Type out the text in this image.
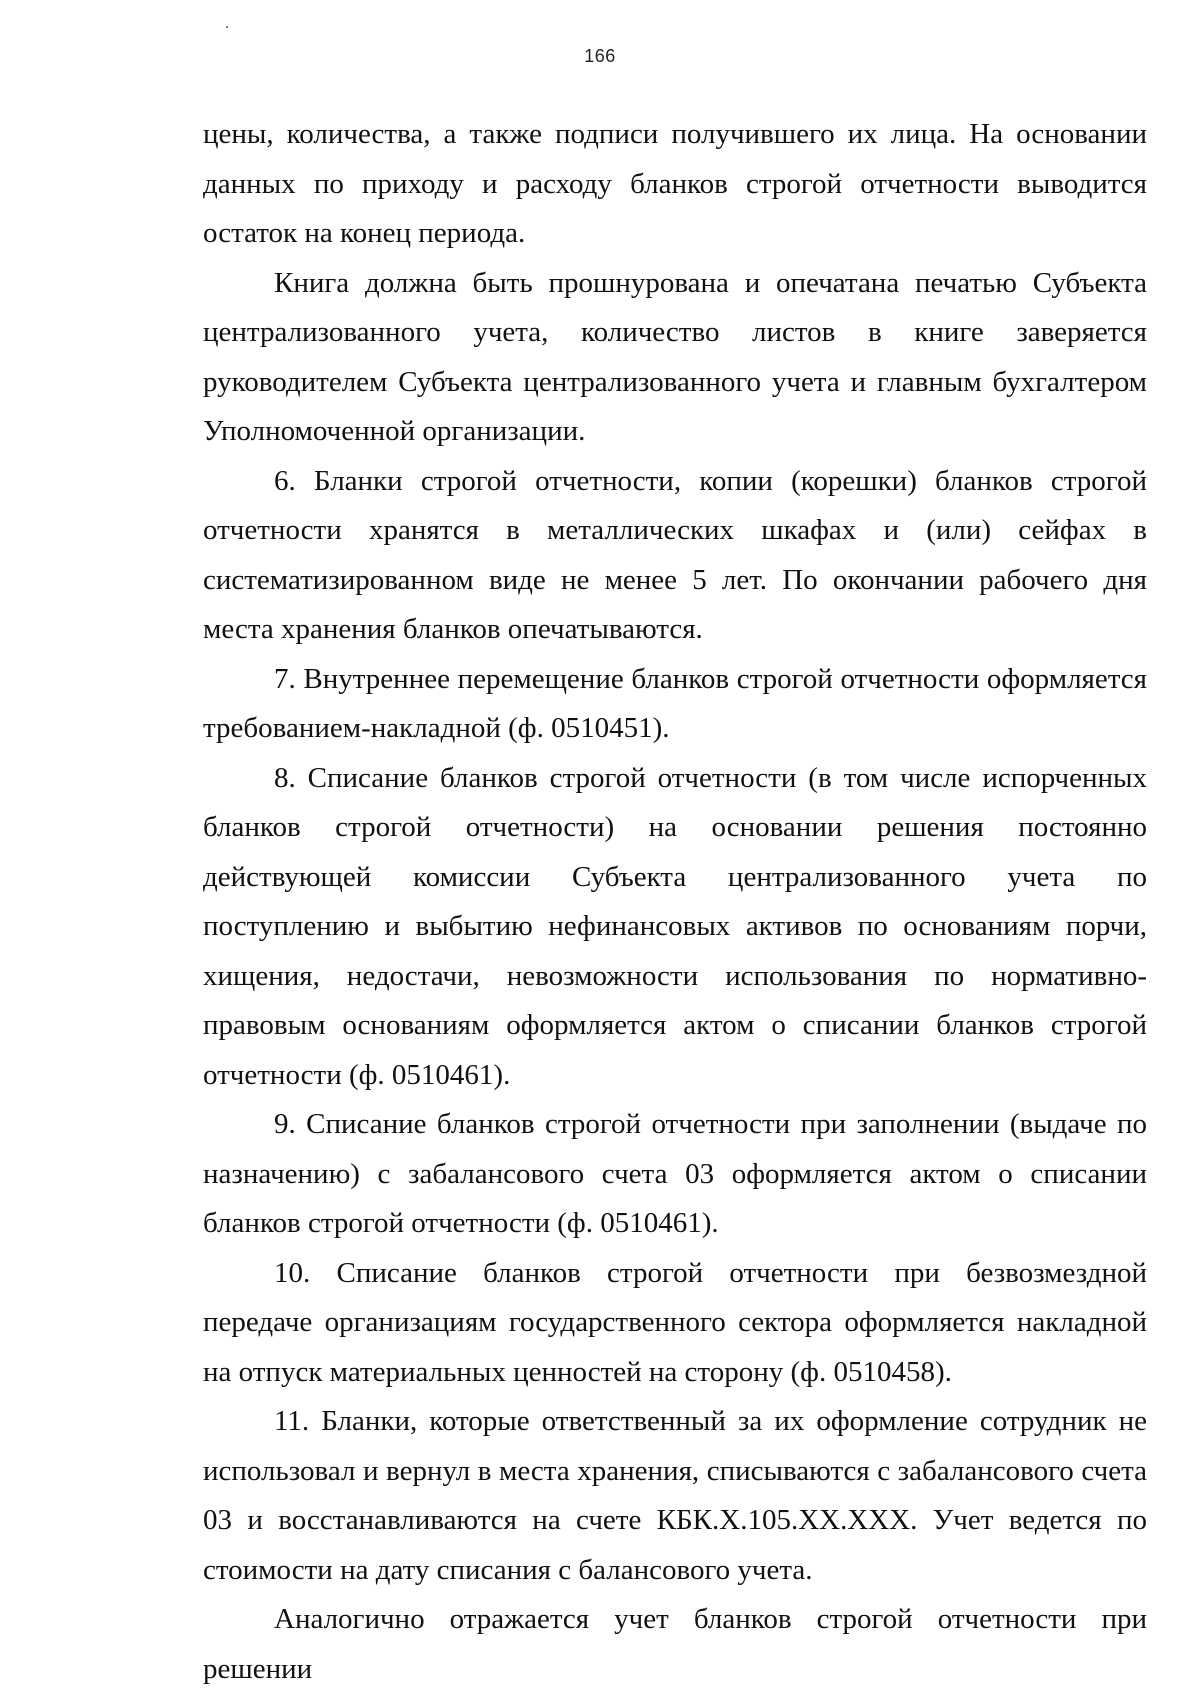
166

цены, количества, а также подписи получившего их лица. На основании данных по приходу и расходу бланков строгой отчетности выводится остаток на конец периода.

Книга должна быть прошнурована и опечатана печатью Субъекта централизованного учета, количество листов в книге заверяется руководителем Субъекта централизованного учета и главным бухгалтером Уполномоченной организации.

6. Бланки строгой отчетности, копии (корешки) бланков строгой отчетности хранятся в металлических шкафах и (или) сейфах в систематизированном виде не менее 5 лет. По окончании рабочего дня места хранения бланков опечатываются.

7. Внутреннее перемещение бланков строгой отчетности оформляется требованием-накладной (ф. 0510451).

8. Списание бланков строгой отчетности (в том числе испорченных бланков строгой отчетности) на основании решения постоянно действующей комиссии Субъекта централизованного учета по поступлению и выбытию нефинансовых активов по основаниям порчи, хищения, недостачи, невозможности использования по нормативно-правовым основаниям оформляется актом о списании бланков строгой отчетности (ф. 0510461).

9. Списание бланков строгой отчетности при заполнении (выдаче по назначению) с забалансового счета 03 оформляется актом о списании бланков строгой отчетности (ф. 0510461).

10. Списание бланков строгой отчетности при безвозмездной передаче организациям государственного сектора оформляется накладной на отпуск материальных ценностей на сторону (ф. 0510458).

11. Бланки, которые ответственный за их оформление сотрудник не использовал и вернул в места хранения, списываются с забалансового счета 03 и восстанавливаются на счете КБК.Х.105.ХХ.ХХХ. Учет ведется по стоимости на дату списания с балансового учета.

Аналогично отражается учет бланков строгой отчетности при решении
